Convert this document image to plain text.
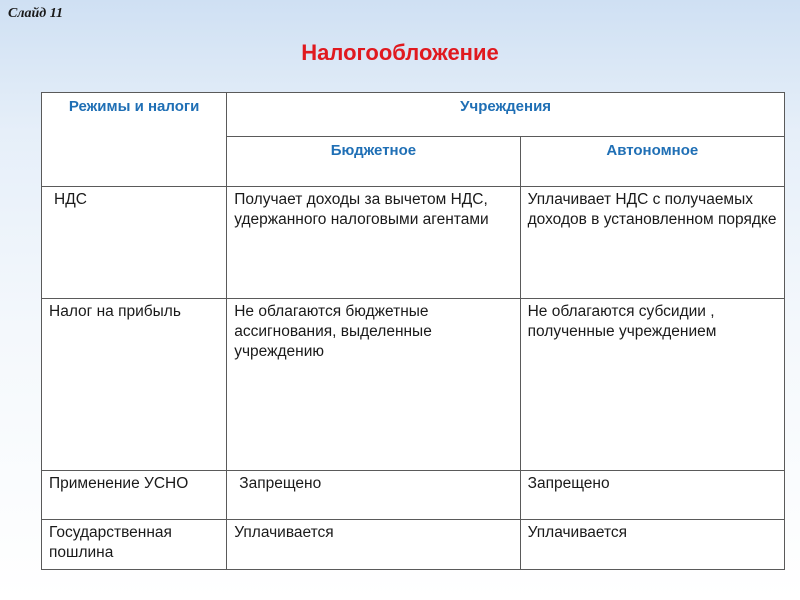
Слайд 11
Налогообложение
Режимы и налоги	Учреждения	
	Бюджетное	Автономное
НДС	Получает доходы за вычетом НДС, удержанного налоговыми агентами	Уплачивает НДС с получаемых доходов в установленном порядке
Налог на прибыль	Не облагаются бюджетные ассигнования, выделенные учреждению	Не облагаются субсидии , полученные учреждением
Применение УСНО	Запрещено	Запрещено
Государственная пошлина	Уплачивается	Уплачивается
